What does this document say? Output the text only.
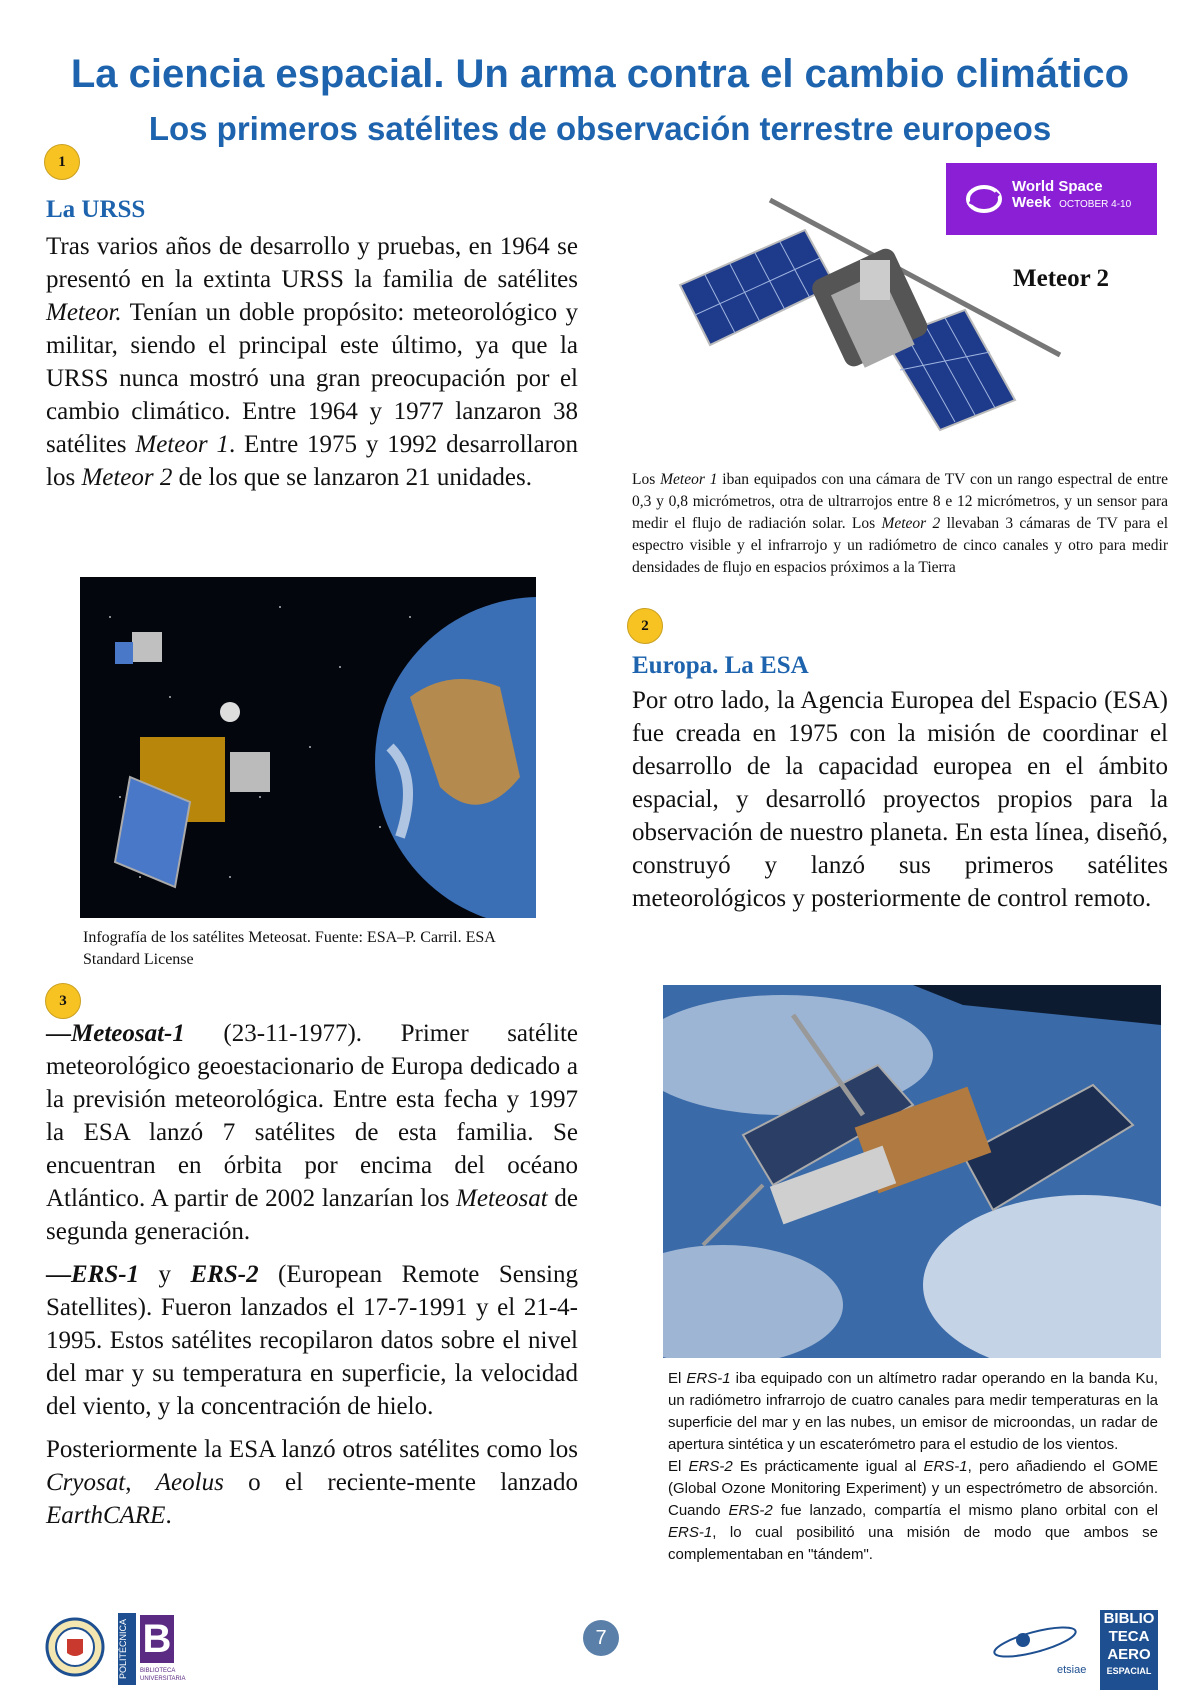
La ciencia espacial. Un arma contra el cambio climático
Los primeros satélites de observación terrestre europeos
1
La URSS

Tras varios años de desarrollo y pruebas, en 1964 se presentó en la extinta URSS la familia de satélites Meteor. Tenían un doble propósito: meteorológico y militar, siendo el principal este último, ya que la URSS nunca mostró una gran preocupación por el cambio climático. Entre 1964 y 1977 lanzaron 38 satélites Meteor 1. Entre 1975 y 1992 desarrollaron los Meteor 2 de los que se lanzaron 21 unidades.

World Space
Week OCTOBER 4-10
Meteor 2
Los Meteor 1 iban equipados con una cámara de TV con un rango espectral de entre 0,3 y 0,8 micrómetros, otra de ultrarrojos entre 8 e 12 micrómetros, y un sensor para medir el flujo de radiación solar. Los Meteor 2 llevaban 3 cámaras de TV para el espectro visible y el infrarrojo y un radiómetro de cinco canales y otro para medir densidades de flujo en espacios próximos a la Tierra
Infografía de los satélites Meteosat. Fuente: ESA–P. Carril. ESA Standard License
2
Europa. La ESA
Por otro lado, la Agencia Europea del Espacio (ESA) fue creada en 1975 con la misión de coordinar el desarrollo de la capacidad europea en el ámbito espacial, y desarrolló proyectos propios para la observación de nuestro planeta. En esta línea, diseñó, construyó y lanzó sus primeros satélites meteorológicos y posteriormente de control remoto.

El ERS-1 iba equipado con un altímetro radar operando en la banda Ku, un radiómetro infrarrojo de cuatro canales para medir temperaturas en la superficie del mar y en las nubes, un emisor de microondas, un radar de apertura sintética y un escaterómetro para el estudio de los vientos.

El ERS-2 Es prácticamente igual al ERS-1, pero añadiendo el GOME (Global Ozone Monitoring Experiment) y un espectrómetro de absorción. Cuando ERS-2 fue lanzado, compartía el mismo plano orbital con el ERS-1, lo cual posibilitó una misión de modo que ambos se complementaban en "tándem".

3

—Meteosat-1 (23-11-1977). Primer satélite meteorológico geoestacionario de Europa dedicado a la previsión meteorológica. Entre esta fecha y 1997 la ESA lanzó 7 satélites de esta familia. Se encuentran en órbita por encima del océano Atlántico. A partir de 2002 lanzarían los Meteosat de segunda generación.

—ERS-1 y ERS-2 (European Remote Sensing Satellites). Fueron lanzados el 17-7-1991 y el 21-4-1995. Estos satélites recopilaron datos sobre el nivel del mar y su temperatura en superficie, la velocidad del viento, y la concentración de hielo.

Posteriormente la ESA lanzó otros satélites como los Cryosat, Aeolus o el reciente-mente lanzado EarthCARE.

POLITÉCNICA B
BIBLIOTECA
UNIVERSITARIA
7
etsiae
BIBLIO
TECA
AERO
ESPACIAL
